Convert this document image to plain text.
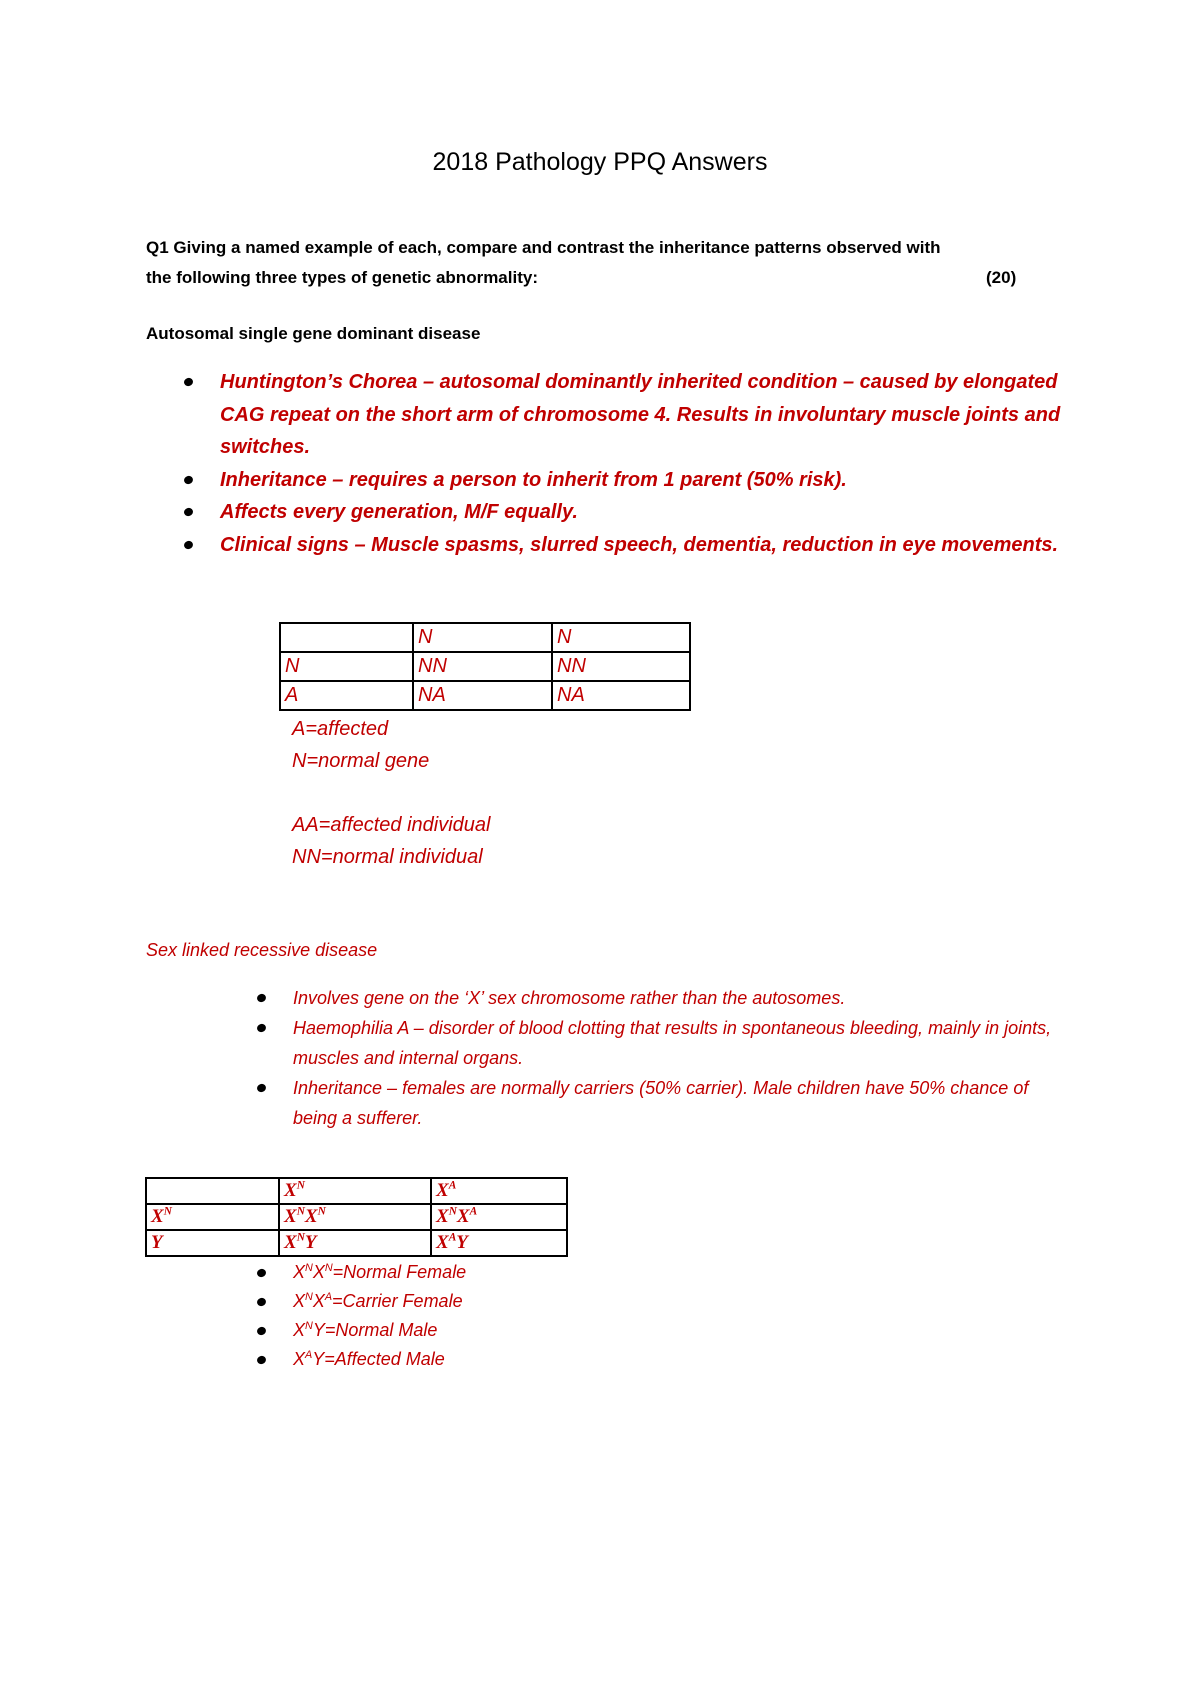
2018 Pathology PPQ Answers
Q1 Giving a named example of each, compare and contrast the inheritance patterns observed with
the following three types of genetic abnormality:	(20)
Autosomal single gene dominant disease
Huntington’s Chorea – autosomal dominantly inherited condition – caused by elongated CAG repeat on the short arm of chromosome 4. Results in involuntary muscle joints and switches.
Inheritance – requires a person to inherit from 1 parent (50% risk).
Affects every generation, M/F equally.
Clinical signs – Muscle spasms, slurred speech, dementia, reduction in eye movements.
	N	N
N	NN	NN
A	NA	NA
A=affected
N=normal gene
AA=affected individual
NN=normal individual
Sex linked recessive disease
Involves gene on the ‘X’ sex chromosome rather than the autosomes.
Haemophilia A – disorder of blood clotting that results in spontaneous bleeding, mainly in joints, muscles and internal organs.
Inheritance – females are normally carriers (50% carrier). Male children have 50% chance of being a sufferer.
	$X^N$	$X^A$
$X^N$	$X^NX^N$	$X^NX^A$
Y	$X^NY$	$X^AY$
$X^NX^N=Normal$ Female
$X^NX^A=Carrier$ Female
$X^NY=Normal$ Male
$X^AY=Affected$ Male
